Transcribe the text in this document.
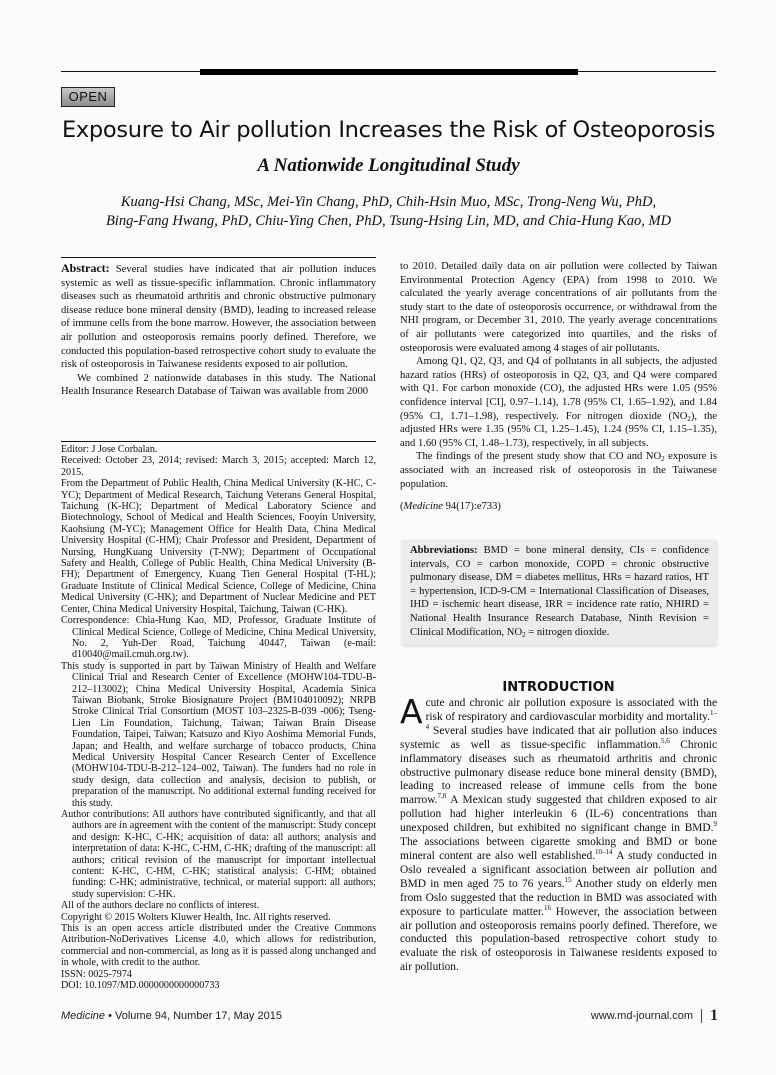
OPEN
Exposure to Air pollution Increases the Risk of Osteoporosis
A Nationwide Longitudinal Study
Kuang-Hsi Chang, MSc, Mei-Yin Chang, PhD, Chih-Hsin Muo, MSc, Trong-Neng Wu, PhD,
Bing-Fang Hwang, PhD, Chiu-Ying Chen, PhD, Tsung-Hsing Lin, MD, and Chia-Hung Kao, MD

Abstract: Several studies have indicated that air pollution induces systemic as well as tissue-specific inflammation. Chronic inflammatory diseases such as rheumatoid arthritis and chronic obstructive pulmonary disease reduce bone mineral density (BMD), leading to increased release of immune cells from the bone marrow. However, the association between air pollution and osteoporosis remains poorly defined. Therefore, we conducted this population-based retrospective cohort study to evaluate the risk of osteoporosis in Taiwanese residents exposed to air pollution.

We combined 2 nationwide databases in this study. The National Health Insurance Research Database of Taiwan was available from 2000

Editor: J Jose Corbalan.

Received: October 23, 2014; revised: March 3, 2015; accepted: March 12, 2015.

From the Department of Public Health, China Medical University (K-HC, C-YC); Department of Medical Research, Taichung Veterans General Hospital, Taichung (K-HC); Department of Medical Laboratory Science and Biotechnology, School of Medical and Health Sciences, Fooyin University, Kaohsiung (M-YC); Management Office for Health Data, China Medical University Hospital (C-HM); Chair Professor and President, Department of Nursing, HungKuang University (T-NW); Department of Occupational Safety and Health, College of Public Health, China Medical University (B-FH); Department of Emergency, Kuang Tien General Hospital (T-HL); Graduate Institute of Clinical Medical Science, College of Medicine, China Medical University (C-HK); and Department of Nuclear Medicine and PET Center, China Medical University Hospital, Taichung, Taiwan (C-HK).

Correspondence: Chia-Hung Kao, MD, Professor, Graduate Institute of Clinical Medical Science, College of Medicine, China Medical University, No. 2, Yuh-Der Road, Taichung 40447, Taiwan (e-mail: d10040@mail.cmuh.org.tw).

This study is supported in part by Taiwan Ministry of Health and Welfare Clinical Trial and Research Center of Excellence (MOHW104-TDU-B-212–113002); China Medical University Hospital, Academia Sinica Taiwan Biobank, Stroke Biosignature Project (BM104010092); NRPB Stroke Clinical Trial Consortium (MOST 103–2325-B-039 -006); Tseng-Lien Lin Foundation, Taichung, Taiwan; Taiwan Brain Disease Foundation, Taipei, Taiwan; Katsuzo and Kiyo Aoshima Memorial Funds, Japan; and Health, and welfare surcharge of tobacco products, China Medical University Hospital Cancer Research Center of Excellence (MOHW104-TDU-B-212–124–002, Taiwan). The funders had no role in study design, data collection and analysis, decision to publish, or preparation of the manuscript. No additional external funding received for this study.

Author contributions: All authors have contributed significantly, and that all authors are in agreement with the content of the manuscript: Study concept and design: K-HC, C-HK; acquisition of data: all authors; analysis and interpretation of data: K-HC, C-HM, C-HK; drafting of the manuscript: all authors; critical revision of the manuscript for important intellectual content: K-HC, C-HM, C-HK; statistical analysis: C-HM; obtained funding: C-HK; administrative, technical, or material support: all authors; study supervision: C-HK.

All of the authors declare no conflicts of interest.

Copyright © 2015 Wolters Kluwer Health, Inc. All rights reserved.

This is an open access article distributed under the Creative Commons Attribution-NoDerivatives License 4.0, which allows for redistribution, commercial and non-commercial, as long as it is passed along unchanged and in whole, with credit to the author.

ISSN: 0025-7974

DOI: 10.1097/MD.0000000000000733

to 2010. Detailed daily data on air pollution were collected by Taiwan Environmental Protection Agency (EPA) from 1998 to 2010. We calculated the yearly average concentrations of air pollutants from the study start to the date of osteoporosis occurrence, or withdrawal from the NHI program, or December 31, 2010. The yearly average concentrations of air pollutants were categorized into quartiles, and the risks of osteoporosis were evaluated among 4 stages of air pollutants.

Among Q1, Q2, Q3, and Q4 of pollutants in all subjects, the adjusted hazard ratios (HRs) of osteoporosis in Q2, Q3, and Q4 were compared with Q1. For carbon monoxide (CO), the adjusted HRs were 1.05 (95% confidence interval [CI], 0.97–1.14), 1.78 (95% CI, 1.65–1.92), and 1.84 (95% CI, 1.71–1.98), respectively. For nitrogen dioxide $(NO_2)$, the adjusted HRs were 1.35 (95% CI, 1.25–1.45), 1.24 (95% CI, 1.15–1.35), and 1.60 (95% CI, 1.48–1.73), respectively, in all subjects.

The findings of the present study show that CO and $NO_2$ exposure is associated with an increased risk of osteoporosis in the Taiwanese population.

(Medicine 94(17):e733)

Abbreviations: BMD = bone mineral density, CIs = confidence intervals, CO = carbon monoxide, COPD = chronic obstructive pulmonary disease, DM = diabetes mellitus, HRs = hazard ratios, HT = hypertension, ICD-9-CM = International Classification of Diseases, IHD = ischemic heart disease, IRR = incidence rate ratio, NHIRD = National Health Insurance Research Database, Ninth Revision = Clinical Modification, $NO_2$ = nitrogen dioxide.
INTRODUCTION

Acute and chronic air pollution exposure is associated with the risk of respiratory and cardiovascular morbidity and mortality.$^{1-4}$ Several studies have indicated that air pollution also induces systemic as well as tissue-specific inflammation.$^{5,6}$ Chronic inflammatory diseases such as rheumatoid arthritis and chronic obstructive pulmonary disease reduce bone mineral density (BMD), leading to increased release of immune cells from the bone marrow.$^{7,8}$ A Mexican study suggested that children exposed to air pollution had higher interleukin 6 (IL-6) concentrations than unexposed children, but exhibited no significant change in BMD.$^9$ The associations between cigarette smoking and BMD or bone mineral content are also well established.$^{10-14}$ A study conducted in Oslo revealed a significant association between air pollution and BMD in men aged 75 to 76 years.$^{15}$ Another study on elderly men from Oslo suggested that the reduction in BMD was associated with exposure to particulate matter.$^{16}$ However, the association between air pollution and osteoporosis remains poorly defined. Therefore, we conducted this population-based retrospective cohort study to evaluate the risk of osteoporosis in Taiwanese residents exposed to air pollution.

Medicine • Volume 94, Number 17, May 2015	www.md-journal.com 1
